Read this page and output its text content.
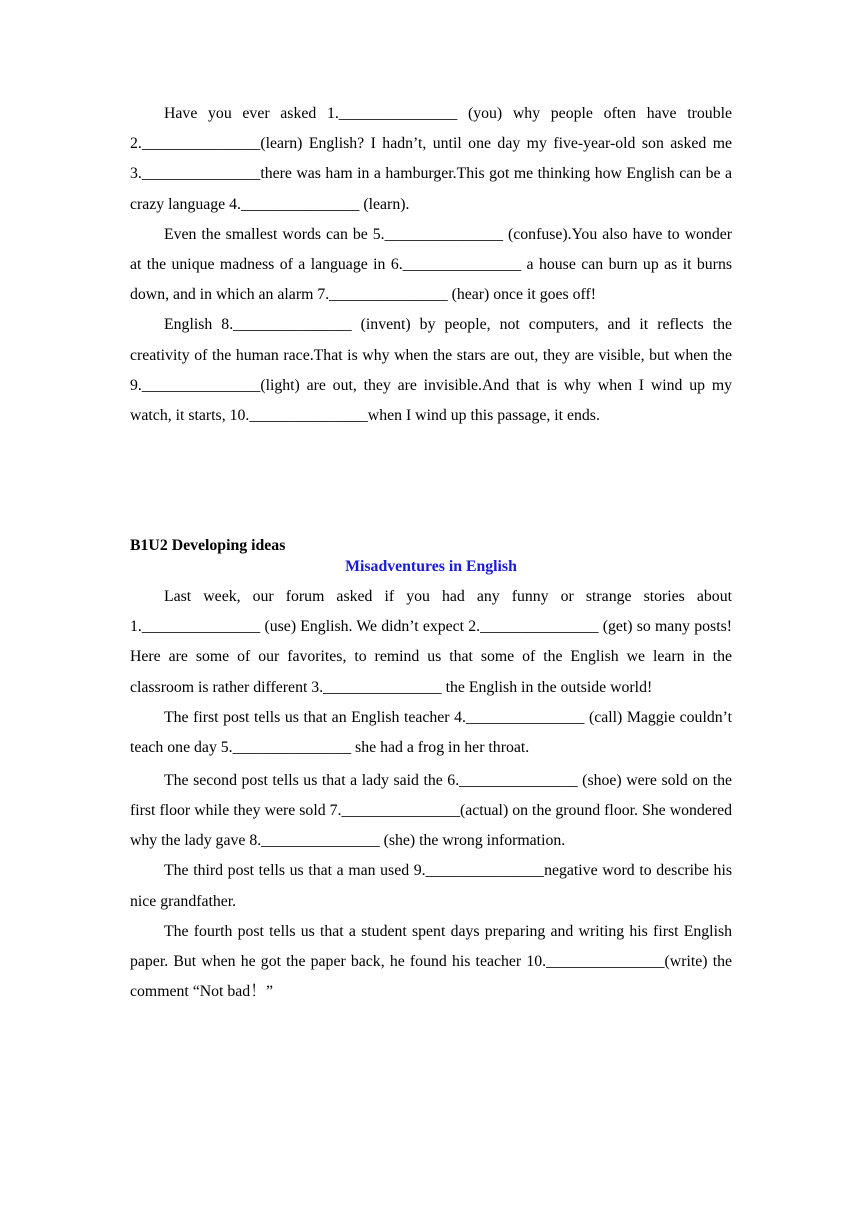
Have you ever asked 1._______________ (you) why people often have trouble 2._______________(learn) English? I hadn’t, until one day my five-year-old son asked me 3._______________there was ham in a hamburger.This got me thinking how English can be a crazy language 4._______________ (learn).

Even the smallest words can be 5._______________ (confuse).You also have to wonder at the unique madness of a language in 6._______________ a house can burn up as it burns down, and in which an alarm 7._______________ (hear) once it goes off!

English 8._______________ (invent) by people, not computers, and it reflects the creativity of the human race.That is why when the stars are out, they are visible, but when the 9._______________(light) are out, they are invisible.And that is why when I wind up my watch, it starts, 10._______________when I wind up this passage, it ends.

B1U2 Developing ideas

Misadventures in English

Last week, our forum asked if you had any funny or strange stories about 1._______________ (use) English. We didn’t expect 2._______________ (get) so many posts! Here are some of our favorites, to remind us that some of the English we learn in the classroom is rather different 3._______________ the English in the outside world!

The first post tells us that an English teacher 4._______________ (call) Maggie couldn’t teach one day 5._______________ she had a frog in her throat.

The second post tells us that a lady said the 6._______________ (shoe) were sold on the first floor while they were sold 7._______________(actual) on the ground floor. She wondered why the lady gave 8._______________ (she) the wrong information.

The third post tells us that a man used 9._______________negative word to describe his nice grandfather.

The fourth post tells us that a student spent days preparing and writing his first English paper. But when he got the paper back, he found his teacher 10._______________(write) the comment “Not bad！”
